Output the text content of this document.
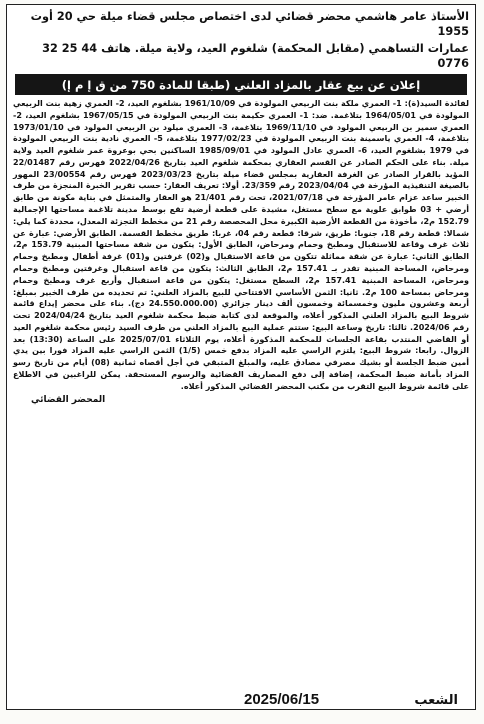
الأستاذ عامر هاشمي محضر قضائي لدى اختصاص مجلس قضاء ميلة حي 20 أوت 1955
عمارات التساهمي (مقابل المحكمة) شلغوم العيد، ولاية ميلة. هاتف 44 25 32 0776
إعلان عن بيع عقار بالمزاد العلني (طبقا للمادة 750 من ق إ م إ)

لفائدة السيد(ة): 1- العمري ملكة بنت الربيعي المولودة في 1961/10/09 بشلغوم العيد، 2- العمري زهية بنت الربيعي المولودة في 1964/05/01 بتلاغمة. ضد: 1- العمري حكيمة بنت الربيعي المولودة في 1967/05/15 بشلغوم العيد، 2- العمري سمير بن الربيعي المولود في 1969/11/10 بتلاغمة، 3- العمري ميلود بن الربيعي المولود في 1973/01/10 بتلاغمة، 4- العمري ياسمينة بنت الربيعي المولودة في 1977/02/23 بتلاغمة، 5- العمري نادية بنت الربيعي المولودة في 1979 بشلغوم العيد، 6- العمري عادل المولود في 1985/09/01 الساكنين بحي بوعروة عمر شلغوم العيد ولاية ميلة. بناء على الحكم الصادر عن القسم العقاري بمحكمة شلغوم العيد بتاريخ 2022/04/26 فهرس رقم 22/01487 المؤيد بالقرار الصادر عن الغرفة العقارية بمجلس قضاء ميلة بتاريخ 2023/03/23 فهرس رقم 23/00554 المهور بالصيغة التنفيذية المؤرخة في 2023/04/04 رقم 23/359. أولا: تعريف العقار: حسب تقرير الخبرة المنجزة من طرف الخبير ساعد عزام عامر المؤرخة في 2021/07/18، تحت رقم 21/401 هو العقار والمتمثل في بناية مكونة من طابق أرضي + 03 طوابق علوية مع سطح مستغل، مشيدة على قطعة أرضية تقع بوسط مدينة تلاغمة مساحتها الإجمالية 152.79 م2، مأخوذة من القطعة الأرضية الكبيرة محل المحصصة رقم 21 من مخطط التجزئة المعدل، محددة كما يلي: شمالا: قطعة رقم 18، جنوبا: طريق، شرقا: قطعة رقم 04، غربا: طريق مخطط القسمة. الطابق الأرضي: عبارة عن ثلاث غرف وقاعة للاستقبال ومطبخ وحمام ومرحاض، الطابق الأول: يتكون من شقة مساحتها المبنية 153.79 م2، الطابق الثاني: عبارة عن شقة مماثلة تتكون من قاعة الاستقبال و(02) غرفتين و(01) غرفة أطفال ومطبخ وحمام ومرحاض، المساحة المبنية تقدر بـ 157.41 م2، الطابق الثالث: يتكون من قاعة استقبال وغرفتين ومطبخ وحمام ومرحاض، المساحة المبنية 157.41 م2، السطح مستغل: يتكون من قاعة استقبال وأربع غرف ومطبخ وحمام ومرحاض بمساحة 100 م2. ثانيا: الثمن الأساسي الافتتاحي للبيع بالمزاد العلني: تم تحديده من طرف الخبير بمبلغ: أربعة وعشرون مليون وخمسمائة وخمسون ألف دينار جزائري (24.550.000.00 دج). بناء على محضر إيداع قائمة شروط البيع بالمزاد العلني المذكور أعلاه، والموقعة لدى كتابة ضبط محكمة شلغوم العيد بتاريخ 2024/04/24 تحت رقم 2024/06. ثالثا: تاريخ وساعة البيع: ستتم عملية البيع بالمزاد العلني من طرف السيد رئيس محكمة شلغوم العيد أو القاضي المنتدب بقاعة الجلسات للمحكمة المذكورة أعلاه، يوم الثلاثاء 2025/07/01 على الساعة (13:30) بعد الزوال. رابعا: شروط البيع: يلتزم الراسي عليه المزاد بدفع خمس (1/5) الثمن الراسي عليه المزاد فورا بين يدي أمين ضبط الجلسة أو بشيك مصرفي مصادق عليه، والمبلغ المتبقي في أجل أقصاه ثمانية (08) أيام من تاريخ رسو المزاد بأمانة ضبط المحكمة، إضافة إلى دفع المصاريف القضائية والرسوم المستحقة. يمكن للراغبين في الاطلاع على قائمة شروط البيع التقرب من مكتب المحضر القضائي المذكور أعلاه.

المحضر القضائي
الشعب
2025/06/15
